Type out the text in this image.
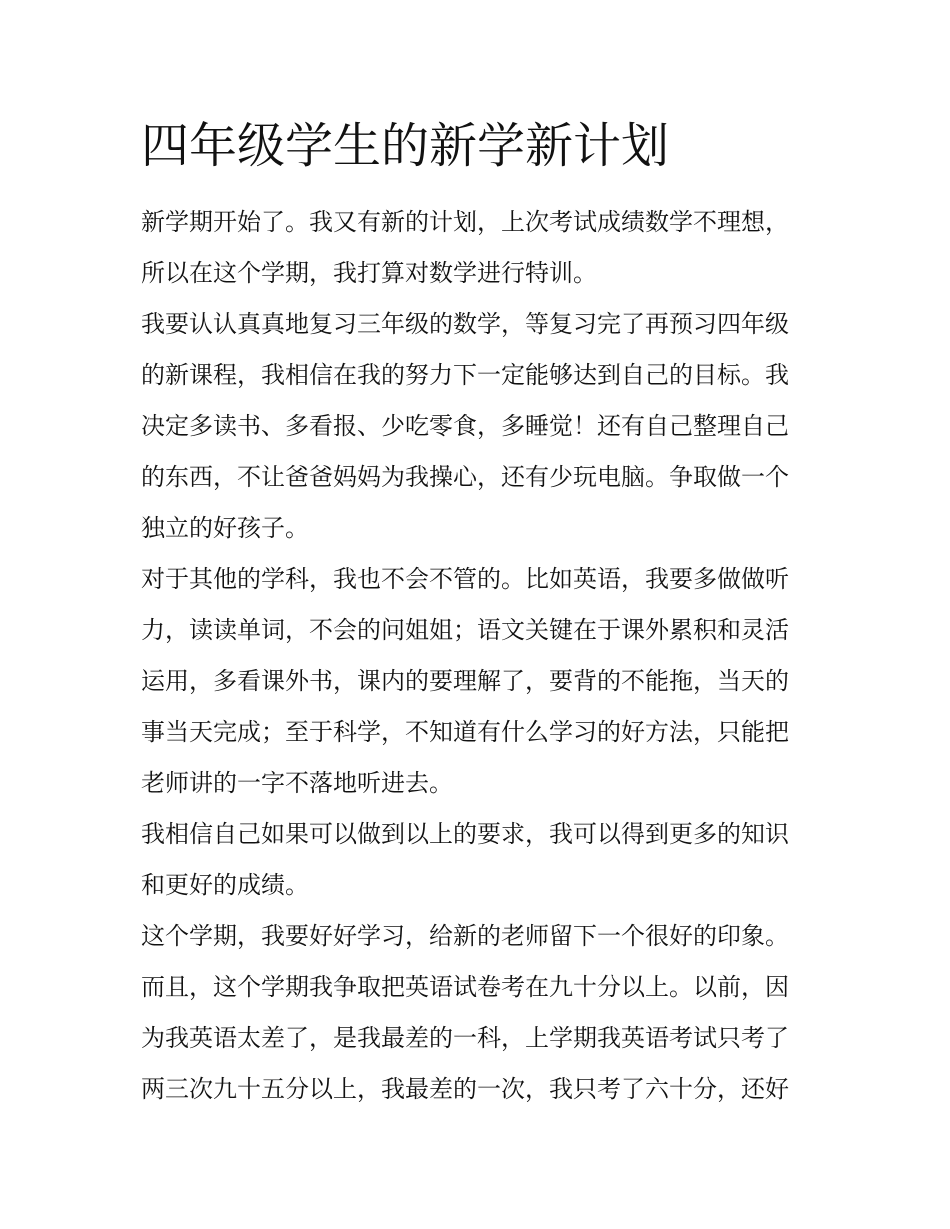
四年级学生的新学新计划
新学期开始了。我又有新的计划，上次考试成绩数学不理想，
所以在这个学期，我打算对数学进行特训。
我要认认真真地复习三年级的数学，等复习完了再预习四年级
的新课程，我相信在我的努力下一定能够达到自己的目标。我
决定多读书、多看报、少吃零食，多睡觉！还有自己整理自己
的东西，不让爸爸妈妈为我操心，还有少玩电脑。争取做一个
独立的好孩子。
对于其他的学科，我也不会不管的。比如英语，我要多做做听
力，读读单词，不会的问姐姐；语文关键在于课外累积和灵活
运用，多看课外书，课内的要理解了，要背的不能拖，当天的
事当天完成；至于科学，不知道有什么学习的好方法，只能把
老师讲的一字不落地听进去。
我相信自己如果可以做到以上的要求，我可以得到更多的知识
和更好的成绩。
这个学期，我要好好学习，给新的老师留下一个很好的印象。
而且，这个学期我争取把英语试卷考在九十分以上。以前，因
为我英语太差了，是我最差的一科，上学期我英语考试只考了
两三次九十五分以上，我最差的一次，我只考了六十分，还好
